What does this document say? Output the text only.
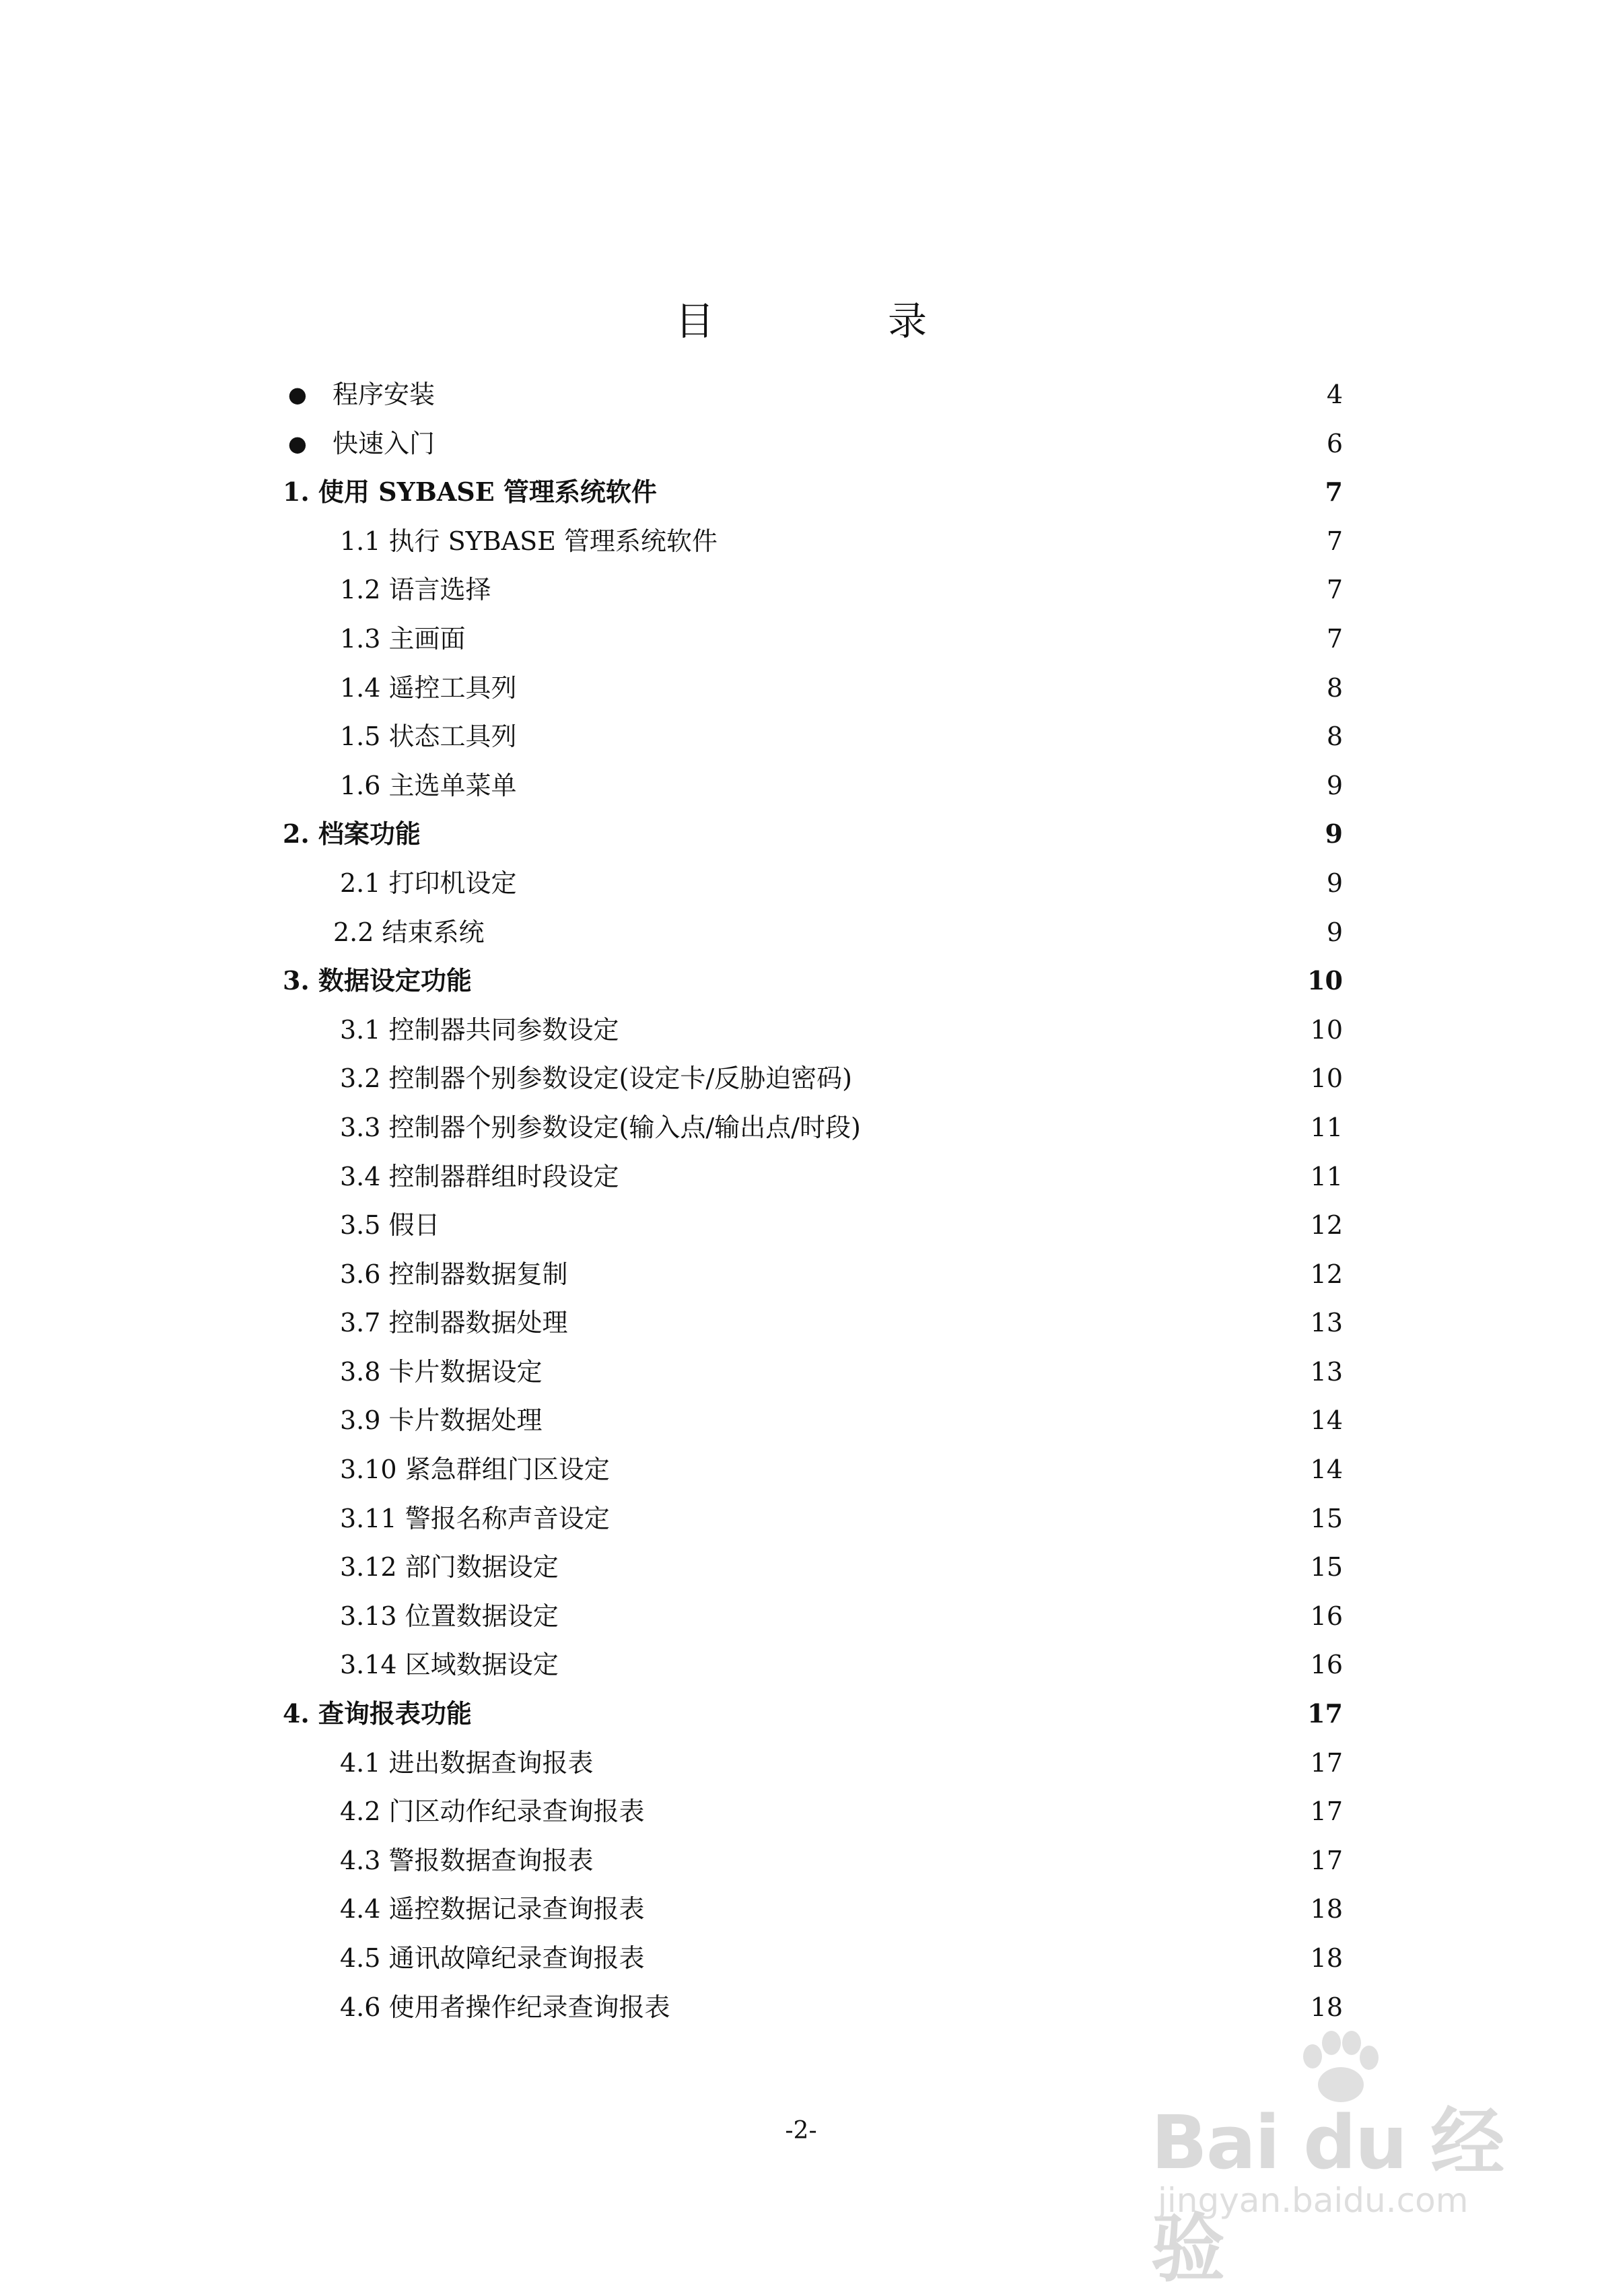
目              录
● 程序安装	4
● 快速入门	6
1. 使用 SYBASE 管理系统软件	7
1.1 执行 SYBASE 管理系统软件	7
1.2 语言选择	7
1.3 主画面	7
1.4 遥控工具列	8
1.5 状态工具列	8
1.6 主选单菜单	9
2. 档案功能	9
2.1 打印机设定	9
2.2 结束系统	9
3. 数据设定功能	10
3.1 控制器共同参数设定	10
3.2 控制器个别参数设定(设定卡/反胁迫密码)	10
3.3 控制器个别参数设定(输入点/输出点/时段)	11
3.4 控制器群组时段设定	11
3.5 假日	12
3.6 控制器数据复制	12
3.7 控制器数据处理	13
3.8 卡片数据设定	13
3.9 卡片数据处理	14
3.10 紧急群组门区设定	14
3.11 警报名称声音设定	15
3.12 部门数据设定	15
3.13 位置数据设定	16
3.14 区域数据设定	16
4. 查询报表功能	17
4.1 进出数据查询报表	17
4.2 门区动作纪录查询报表	17
4.3 警报数据查询报表	17
4.4 遥控数据记录查询报表	18
4.5 通讯故障纪录查询报表	18
4.6 使用者操作纪录查询报表	18
-2-	Bai du 经验
jingyan.baidu.com
